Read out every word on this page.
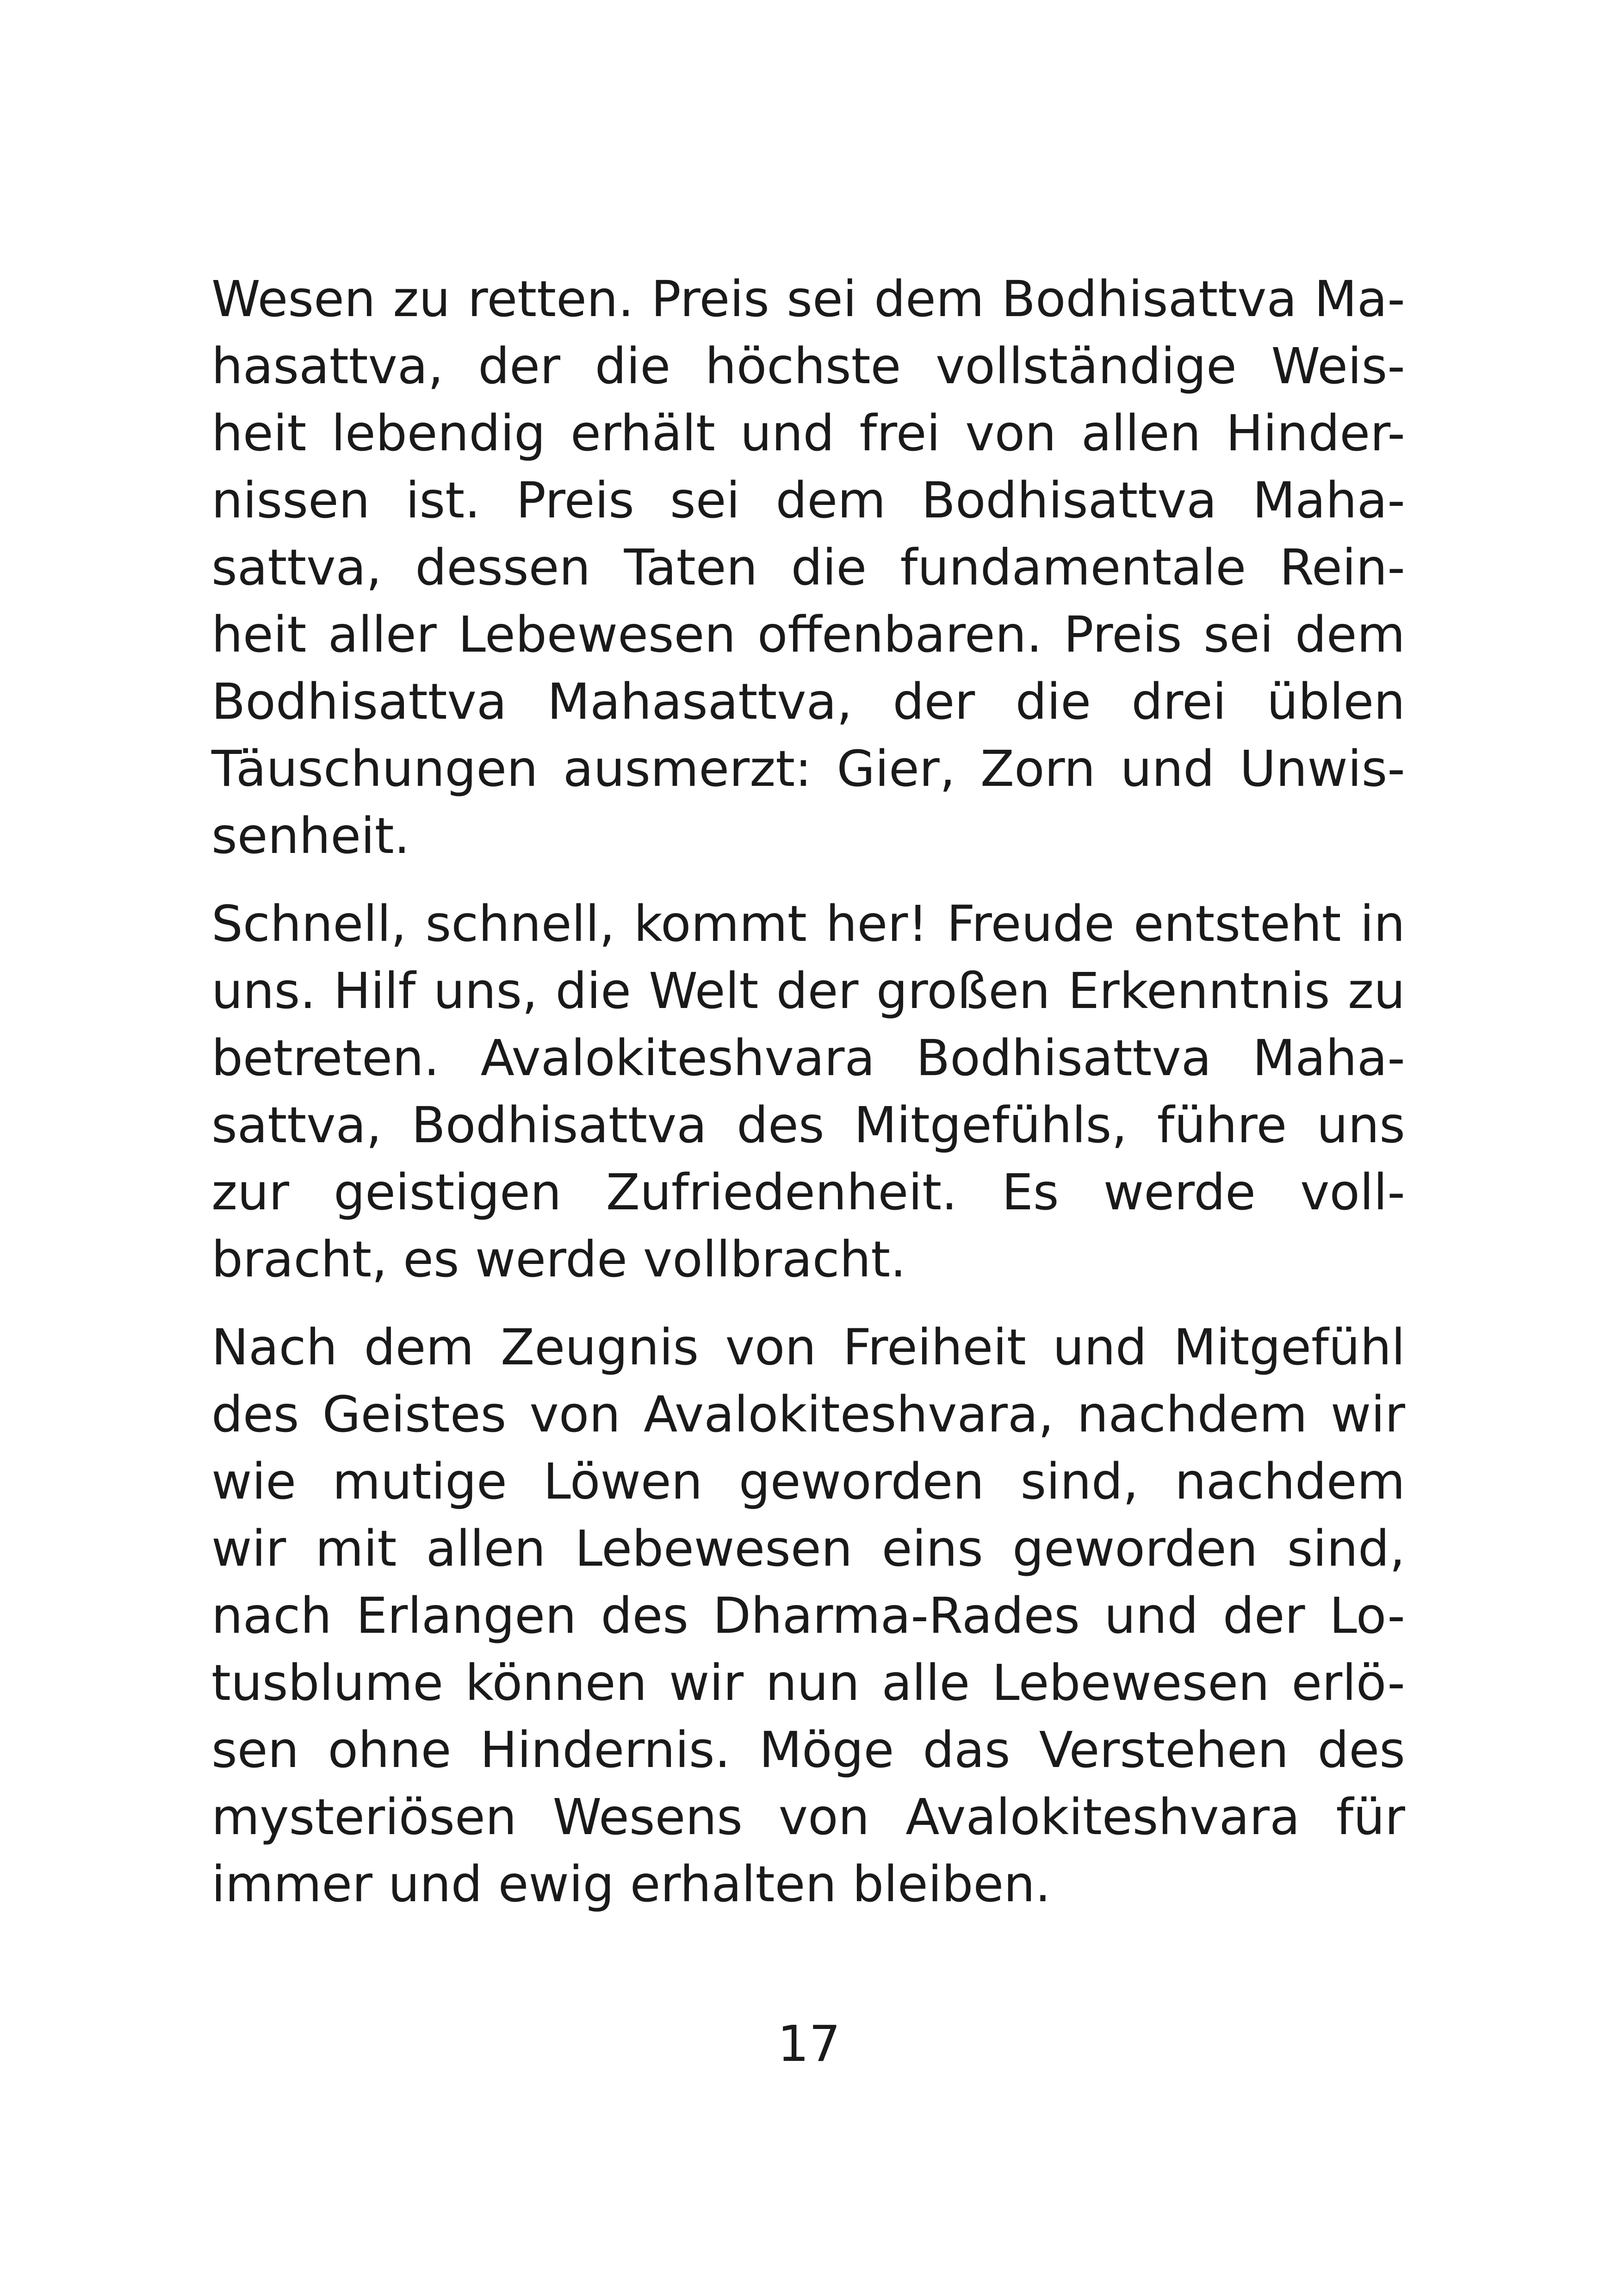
Wesen zu retten. Preis sei dem Bodhisattva Ma-
hasattva, der die höchste vollständige Weis-
heit lebendig erhält und frei von allen Hinder-
nissen ist. Preis sei dem Bodhisattva Maha-
sattva, dessen Taten die fundamentale Rein-
heit aller Lebewesen offenbaren. Preis sei dem
Bodhisattva Mahasattva, der die drei üblen
Täuschungen ausmerzt: Gier, Zorn und Unwis-
senheit.
Schnell, schnell, kommt her! Freude entsteht in
uns. Hilf uns, die Welt der großen Erkenntnis zu
betreten. Avalokiteshvara Bodhisattva Maha-
sattva, Bodhisattva des Mitgefühls, führe uns
zur geistigen Zufriedenheit. Es werde voll-
bracht, es werde vollbracht.
Nach dem Zeugnis von Freiheit und Mitgefühl
des Geistes von Avalokiteshvara, nachdem wir
wie mutige Löwen geworden sind, nachdem
wir mit allen Lebewesen eins geworden sind,
nach Erlangen des Dharma-Rades und der Lo-
tusblume können wir nun alle Lebewesen erlö-
sen ohne Hindernis. Möge das Verstehen des
mysteriösen Wesens von Avalokiteshvara für
immer und ewig erhalten bleiben.
17
